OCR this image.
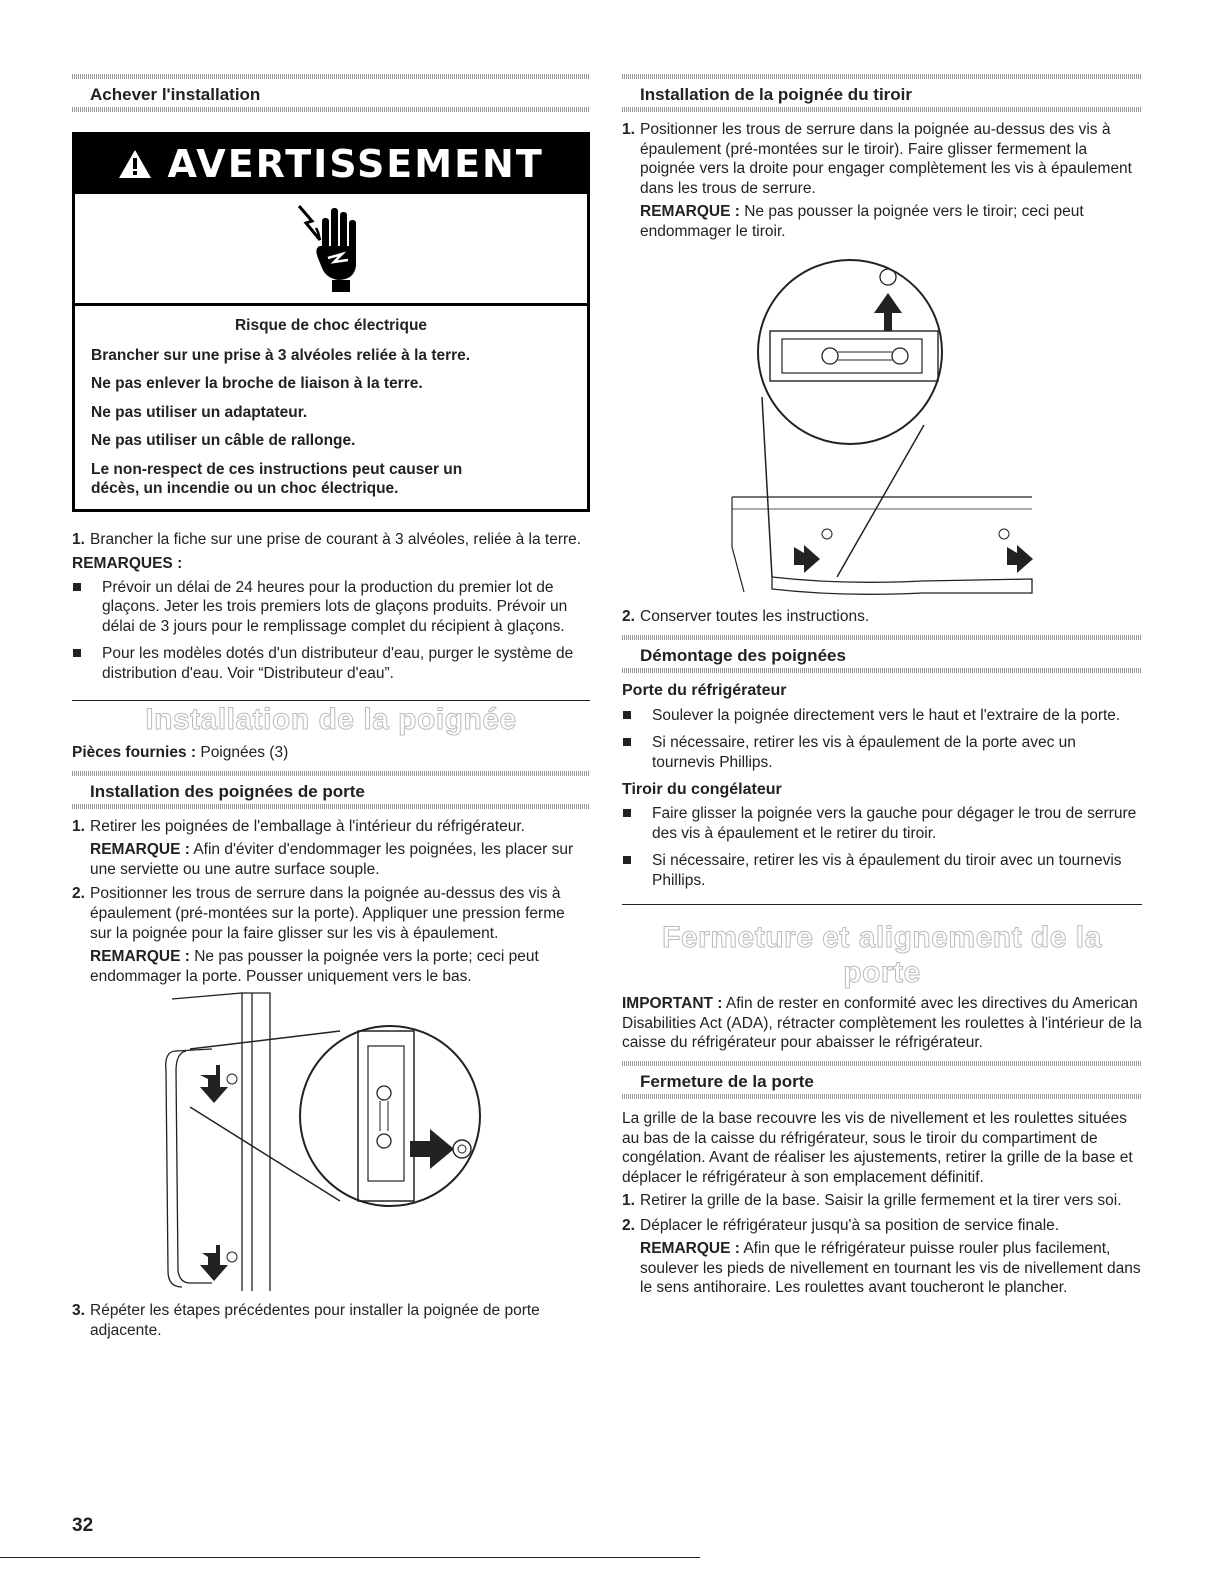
Achever l'installation
AVERTISSEMENT
Risque de choc électrique

Brancher sur une prise à 3 alvéoles reliée à la terre.

Ne pas enlever la broche de liaison à la terre.

Ne pas utiliser un adaptateur.

Ne pas utiliser un câble de rallonge.

Le non-respect de ces instructions peut causer un décès, un incendie ou un choc électrique.

1. Brancher la fiche sur une prise de courant à 3 alvéoles, reliée à la terre.
REMARQUES :
Prévoir un délai de 24 heures pour la production du premier lot de glaçons. Jeter les trois premiers lots de glaçons produits. Prévoir un délai de 3 jours pour le remplissage complet du récipient à glaçons.
Pour les modèles dotés d'un distributeur d'eau, purger le système de distribution d'eau. Voir “Distributeur d'eau”.
Installation de la poignée
Pièces fournies : Poignées (3)
Installation des poignées de porte
1. Retirer les poignées de l'emballage à l'intérieur du réfrigérateur.
REMARQUE : Afin d'éviter d'endommager les poignées, les placer sur une serviette ou une autre surface souple.
2. Positionner les trous de serrure dans la poignée au-dessus des vis à épaulement (pré-montées sur la porte). Appliquer une pression ferme sur la poignée pour la faire glisser sur les vis à épaulement.
REMARQUE : Ne pas pousser la poignée vers la porte; ceci peut endommager la porte. Pousser uniquement vers le bas.
3. Répéter les étapes précédentes pour installer la poignée de porte adjacente.
Installation de la poignée du tiroir
1. Positionner les trous de serrure dans la poignée au-dessus des vis à épaulement (pré-montées sur le tiroir). Faire glisser fermement la poignée vers la droite pour engager complètement les vis à épaulement dans les trous de serrure.
REMARQUE : Ne pas pousser la poignée vers le tiroir; ceci peut endommager le tiroir.
2. Conserver toutes les instructions.
Démontage des poignées
Porte du réfrigérateur
Soulever la poignée directement vers le haut et l'extraire de la porte.
Si nécessaire, retirer les vis à épaulement de la porte avec un tournevis Phillips.
Tiroir du congélateur
Faire glisser la poignée vers la gauche pour dégager le trou de serrure des vis à épaulement et le retirer du tiroir.
Si nécessaire, retirer les vis à épaulement du tiroir avec un tournevis Phillips.
Fermeture et alignement de la porte

IMPORTANT : Afin de rester en conformité avec les directives du American Disabilities Act (ADA), rétracter complètement les roulettes à l'intérieur de la caisse du réfrigérateur pour abaisser le réfrigérateur.

Fermeture de la porte

La grille de la base recouvre les vis de nivellement et les roulettes situées au bas de la caisse du réfrigérateur, sous le tiroir du compartiment de congélation. Avant de réaliser les ajustements, retirer la grille de la base et déplacer le réfrigérateur à son emplacement définitif.

1. Retirer la grille de la base. Saisir la grille fermement et la tirer vers soi.
2. Déplacer le réfrigérateur jusqu'à sa position de service finale.
REMARQUE : Afin que le réfrigérateur puisse rouler plus facilement, soulever les pieds de nivellement en tournant les vis de nivellement dans le sens antihoraire. Les roulettes avant toucheront le plancher.
32
